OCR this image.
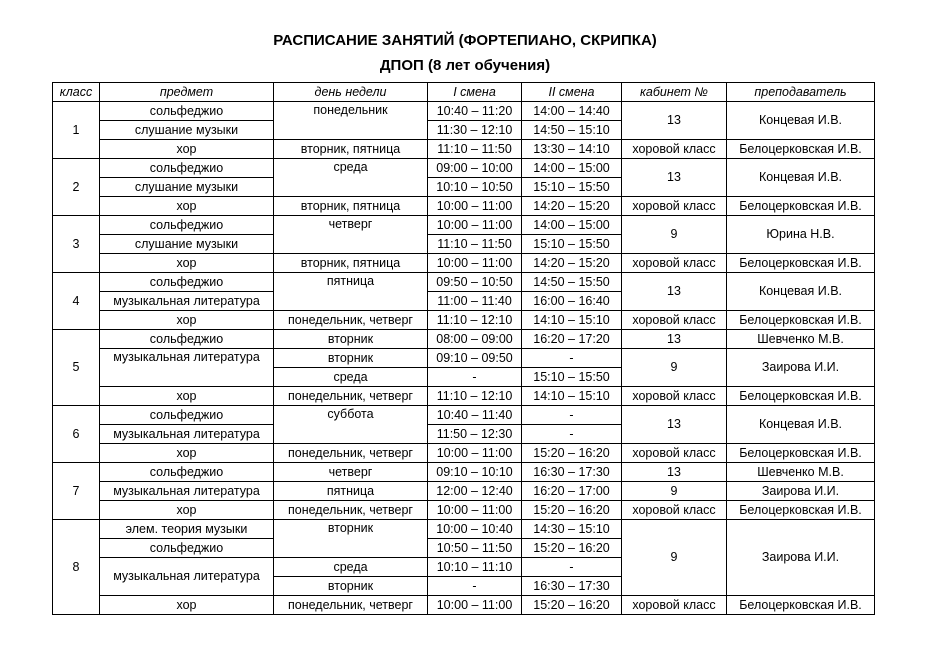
РАСПИСАНИЕ ЗАНЯТИЙ (ФОРТЕПИАНО, СКРИПКА)
ДПОП (8 лет обучения)
класс	предмет	день недели	I смена	II смена	кабинет №	преподаватель
1	сольфеджио	понедельник	10:40 – 11:20	14:00 – 14:40	13	Концевая И.В.
	слушание музыки		11:30 – 12:10	14:50 – 15:10		
	хор	вторник, пятница	11:10 – 11:50	13:30 – 14:10	хоровой класс	Белоцерковская И.В.
2	сольфеджио	среда	09:00 – 10:00	14:00 – 15:00	13	Концевая И.В.
	слушание музыки		10:10 – 10:50	15:10 – 15:50		
	хор	вторник, пятница	10:00 – 11:00	14:20 – 15:20	хоровой класс	Белоцерковская И.В.
3	сольфеджио	четверг	10:00 – 11:00	14:00 – 15:00	9	Юрина Н.В.
	слушание музыки		11:10 – 11:50	15:10 – 15:50		
	хор	вторник, пятница	10:00 – 11:00	14:20 – 15:20	хоровой класс	Белоцерковская И.В.
4	сольфеджио	пятница	09:50 – 10:50	14:50 – 15:50	13	Концевая И.В.
	музыкальная литература		11:00 – 11:40	16:00 – 16:40		
	хор	понедельник, четверг	11:10 – 12:10	14:10 – 15:10	хоровой класс	Белоцерковская И.В.
5	сольфеджио	вторник	08:00 – 09:00	16:20 – 17:20	13	Шевченко М.В.
	музыкальная литература	вторник	09:10 – 09:50	-	9	Заирова И.И.
		среда	-	15:10 – 15:50		
	хор	понедельник, четверг	11:10 – 12:10	14:10 – 15:10	хоровой класс	Белоцерковская И.В.
6	сольфеджио	суббота	10:40 – 11:40	-	13	Концевая И.В.
	музыкальная литература		11:50 – 12:30	-		
	хор	понедельник, четверг	10:00 – 11:00	15:20 – 16:20	хоровой класс	Белоцерковская И.В.
7	сольфеджио	четверг	09:10 – 10:10	16:30 – 17:30	13	Шевченко М.В.
	музыкальная литература	пятница	12:00 – 12:40	16:20 – 17:00	9	Заирова И.И.
	хор	понедельник, четверг	10:00 – 11:00	15:20 – 16:20	хоровой класс	Белоцерковская И.В.
8	элем. теория музыки	вторник	10:00 – 10:40	14:30 – 15:10	9	Заирова И.И.
	сольфеджио		10:50 – 11:50	15:20 – 16:20		
	музыкальная литература	среда	10:10 – 11:10	-		
		вторник	-	16:30 – 17:30		
	хор	понедельник, четверг	10:00 – 11:00	15:20 – 16:20	хоровой класс	Белоцерковская И.В.
